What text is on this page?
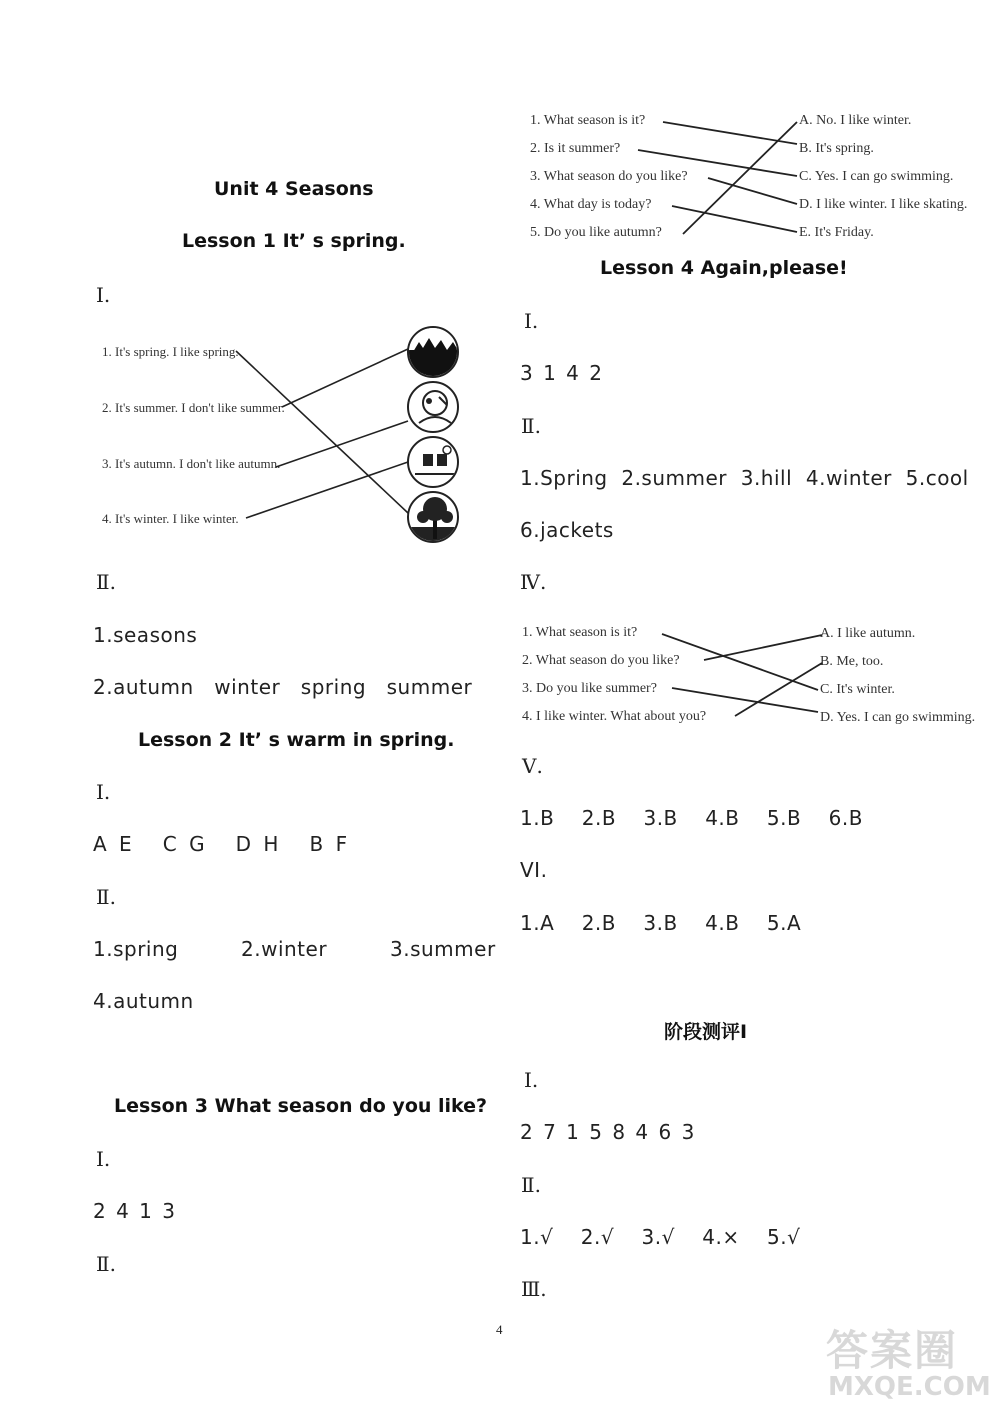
Unit 4 Seasons
Lesson 1 It’ s spring.
Ⅰ.
1. It's spring. I like spring.
2. It's summer. I don't like summer.
3. It's autumn. I don't like autumn.
4. It's winter. I like winter.
Ⅱ.
1.seasons
2.autumn   winter   spring   summer
Lesson 2 It’ s warm in spring.
Ⅰ.
A E   C G   D H   B F
Ⅱ.
1.spring	2.winter	3.summer
4.autumn
Lesson 3 What season do you like?
Ⅰ.
2 4 1 3
Ⅱ.
1. What season is it?
2. Is it summer?
3. What season do you like?
4. What day is today?
5. Do you like autumn?
A. No. I like winter.
B. It's spring.
C. Yes. I can go swimming.
D. I like winter. I like skating.
E. It's Friday.
Lesson 4 Again,please!
Ⅰ.
3 1 4 2
Ⅱ.
1.Spring  2.summer  3.hill  4.winter  5.cool
6.jackets
Ⅳ.
1. What season is it?
2. What season do you like?
3. Do you like summer?
4. I like winter. What about you?
A. I like autumn.
B. Me, too.
C. It's winter.
D. Yes. I can go swimming.
Ⅴ.
1.B    2.B    3.B    4.B    5.B    6.B
VI.
1.A    2.B    3.B    4.B    5.A
阶段测评Ⅰ
Ⅰ.
2 7 1 5 8 4 6 3
Ⅱ.
1.√    2.√    3.√    4.×    5.√
Ⅲ.
4	答案圈
MXQE.COM
